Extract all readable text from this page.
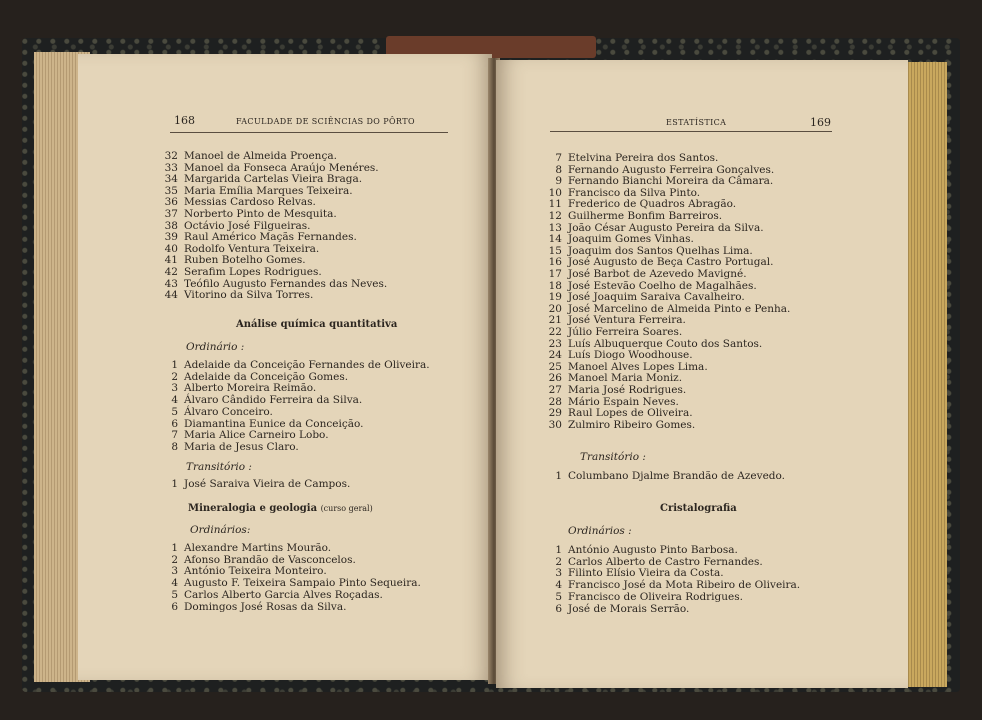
168	FACULDADE DE SCIÊNCIAS DO PÔRTO
32 Manoel de Almeida Proença.
33 Manoel da Fonseca Araújo Menéres.
34 Margarida Cartelas Vieira Braga.
35 Maria Emília Marques Teixeira.
36 Messias Cardoso Relvas.
37 Norberto Pinto de Mesquita.
38 Octávio José Filgueiras.
39 Raul Américo Maçãs Fernandes.
40 Rodolfo Ventura Teixeira.
41 Ruben Botelho Gomes.
42 Serafim Lopes Rodrigues.
43 Teófilo Augusto Fernandes das Neves.
44 Vitorino da Silva Torres.
Análise química quantitativa
Ordinário :
1 Adelaide da Conceição Fernandes de Oliveira.
2 Adelaide da Conceição Gomes.
3 Alberto Moreira Reimão.
4 Álvaro Cândido Ferreira da Silva.
5 Álvaro Conceiro.
6 Diamantina Eunice da Conceição.
7 Maria Alice Carneiro Lobo.
8 Maria de Jesus Claro.
Transitório :
1 José Saraiva Vieira de Campos.
Mineralogia e geologia (curso geral)
Ordinários:
1 Alexandre Martins Mourão.
2 Afonso Brandão de Vasconcelos.
3 António Teixeira Monteiro.
4 Augusto F. Teixeira Sampaio Pinto Sequeira.
5 Carlos Alberto Garcia Alves Roçadas.
6 Domingos José Rosas da Silva.
ESTATÍSTICA	169
7 Etelvina Pereira dos Santos.
8 Fernando Augusto Ferreira Gonçalves.
9 Fernando Bianchi Moreira da Câmara.
10 Francisco da Silva Pinto.
11 Frederico de Quadros Abragão.
12 Guilherme Bonfim Barreiros.
13 João César Augusto Pereira da Silva.
14 Joaquim Gomes Vinhas.
15 Joaquim dos Santos Quelhas Lima.
16 José Augusto de Beça Castro Portugal.
17 José Barbot de Azevedo Mavigné.
18 José Estevão Coelho de Magalhães.
19 José Joaquim Saraiva Cavalheiro.
20 José Marcelino de Almeida Pinto e Penha.
21 José Ventura Ferreira.
22 Júlio Ferreira Soares.
23 Luís Albuquerque Couto dos Santos.
24 Luís Diogo Woodhouse.
25 Manoel Alves Lopes Lima.
26 Manoel Maria Moniz.
27 Maria José Rodrigues.
28 Mário Espain Neves.
29 Raul Lopes de Oliveira.
30 Zulmiro Ribeiro Gomes.
Transitório :
1 Columbano Djalme Brandão de Azevedo.
Cristalografia
Ordinários :
1 António Augusto Pinto Barbosa.
2 Carlos Alberto de Castro Fernandes.
3 Filinto Elísio Vieira da Costa.
4 Francisco José da Mota Ribeiro de Oliveira.
5 Francisco de Oliveira Rodrigues.
6 José de Morais Serrão.
